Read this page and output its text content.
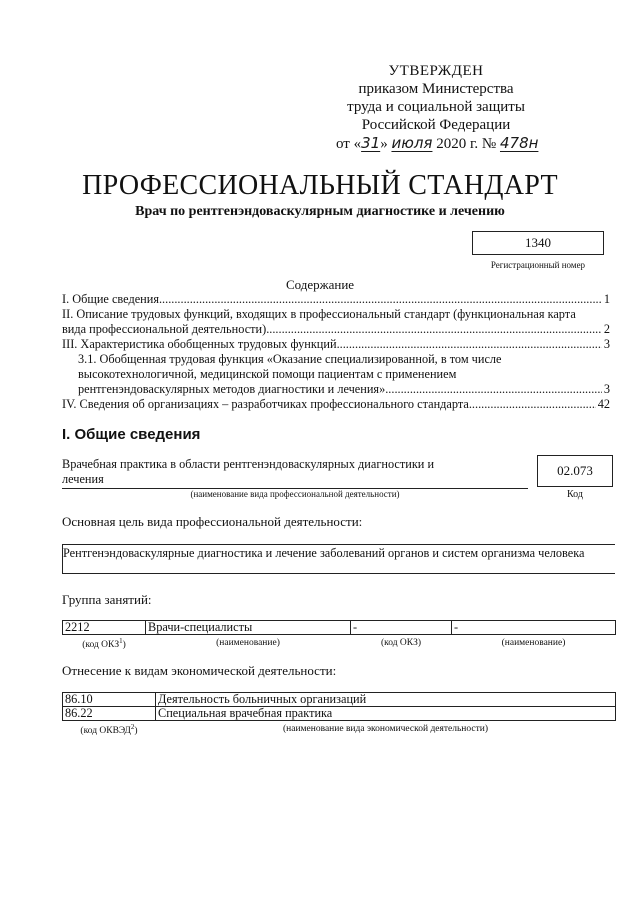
УТВЕРЖДЕН
приказом Министерства
труда и социальной защиты
Российской Федерации
от «31» июля 2020 г. № 478н
ПРОФЕССИОНАЛЬНЫЙ СТАНДАРТ
Врач по рентгенэндоваскулярным диагностике и лечению
1340
Регистрационный номер
Содержание
I. Общие сведения .....	1
II. Описание трудовых функций, входящих в профессиональный стандарт (функциональная карта
вида профессиональной деятельности) .....	2
III. Характеристика обобщенных трудовых функций .....	3
3.1. Обобщенная трудовая функция «Оказание специализированной, в том числе
высокотехнологичной, медицинской помощи пациентам с применением
рентгенэндоваскулярных методов диагностики и лечения» .....	3
IV. Сведения об организациях – разработчиках профессионального стандарта .....	42
I. Общие сведения
Врачебная практика в области рентгенэндоваскулярных диагностики и лечения
(наименование вида профессиональной деятельности)
02.073
Код
Основная цель вида профессиональной деятельности:
Рентгенэндоваскулярные диагностика и лечение заболеваний органов и систем организма человека
Группа занятий:
2212	Врачи-специалисты	-	-
(код ОКЗ$^1$)	(наименование)	(код ОКЗ)	(наименование)
Отнесение к видам экономической деятельности:
86.10	Деятельность больничных организаций
86.22	Специальная врачебная практика
(код ОКВЭД$^2$)	(наименование вида экономической деятельности)
